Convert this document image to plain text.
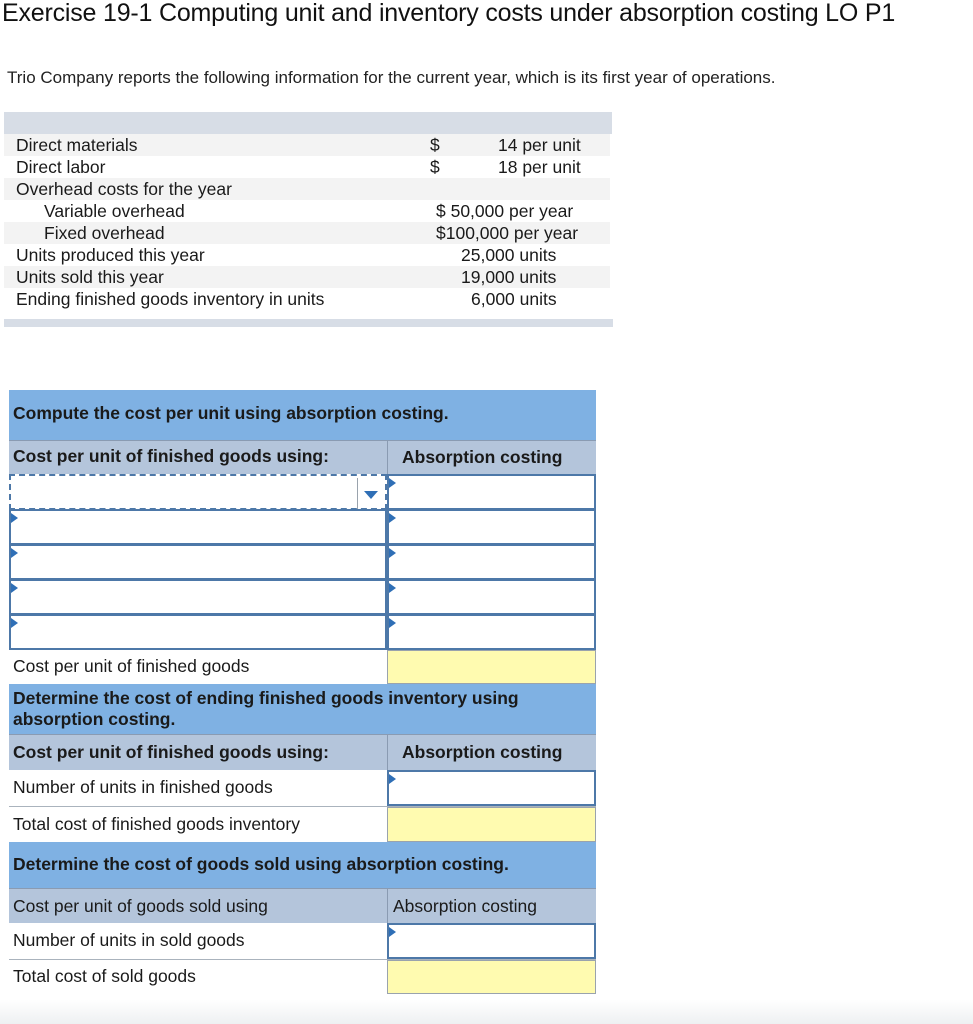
Exercise 19-1 Computing unit and inventory costs under absorption costing LO P1
Trio Company reports the following information for the current year, which is its first year of operations.
Direct materials	$	14 per unit
Direct labor	$	18 per unit
Overhead costs for the year
Variable overhead	$ 50,000 per year
Fixed overhead	$100,000 per year
Units produced this year	25,000 units
Units sold this year	19,000 units
Ending finished goods inventory in units	6,000 units
Compute the cost per unit using absorption costing.
Cost per unit of finished goods using:	Absorption costing
Cost per unit of finished goods
Determine the cost of ending finished goods inventory using absorption costing.
Cost per unit of finished goods using:	Absorption costing
Number of units in finished goods
Total cost of finished goods inventory
Determine the cost of goods sold using absorption costing.
Cost per unit of goods sold using	Absorption costing
Number of units in sold goods
Total cost of sold goods
